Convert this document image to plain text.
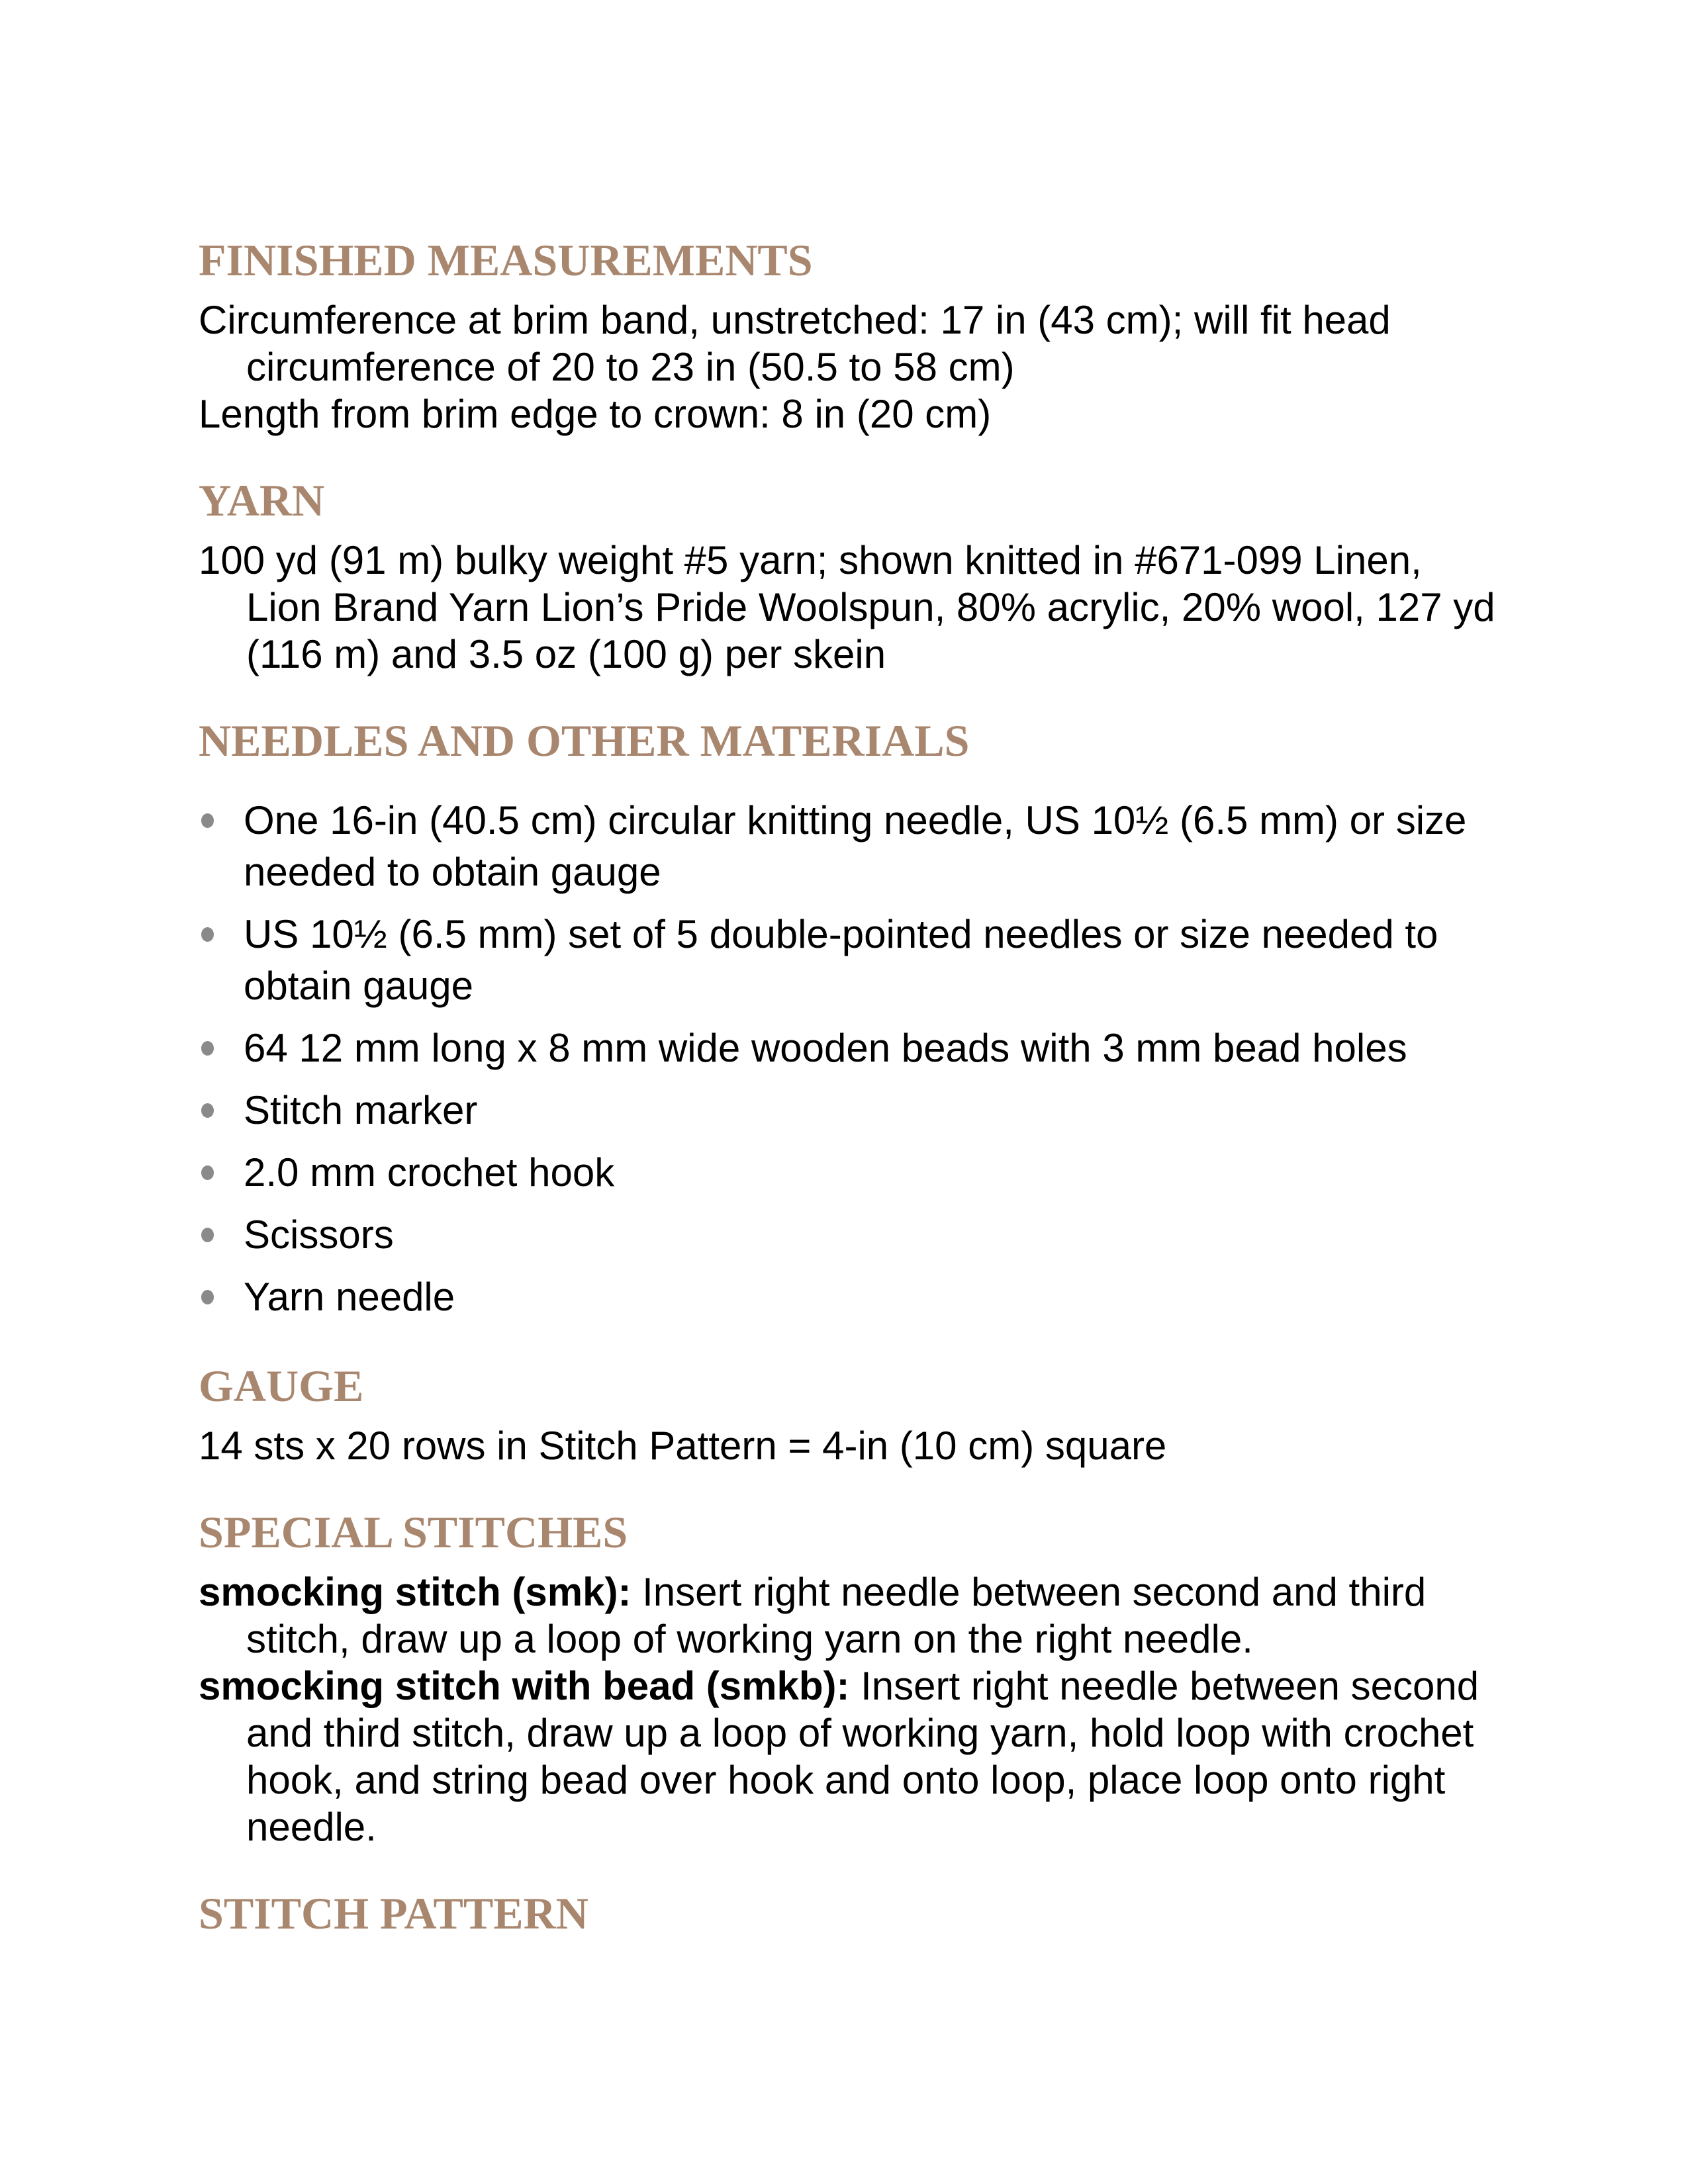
FINISHED MEASUREMENTS
Circumference at brim band, unstretched: 17 in (43 cm); will fit head
circumference of 20 to 23 in (50.5 to 58 cm)
Length from brim edge to crown: 8 in (20 cm)
YARN
100 yd (91 m) bulky weight #5 yarn; shown knitted in #671-099 Linen,
Lion Brand Yarn Lion’s Pride Woolspun, 80% acrylic, 20% wool, 127 yd
(116 m) and 3.5 oz (100 g) per skein
NEEDLES AND OTHER MATERIALS
One 16-in (40.5 cm) circular knitting needle, US 10½ (6.5 mm) or size
needed to obtain gauge
US 10½ (6.5 mm) set of 5 double-pointed needles or size needed to
obtain gauge
64 12 mm long x 8 mm wide wooden beads with 3 mm bead holes
Stitch marker
2.0 mm crochet hook
Scissors
Yarn needle
GAUGE
14 sts x 20 rows in Stitch Pattern = 4-in (10 cm) square
SPECIAL STITCHES
smocking stitch (smk): Insert right needle between second and third
stitch, draw up a loop of working yarn on the right needle.
smocking stitch with bead (smkb): Insert right needle between second
and third stitch, draw up a loop of working yarn, hold loop with crochet
hook, and string bead over hook and onto loop, place loop onto right
needle.
STITCH PATTERN
